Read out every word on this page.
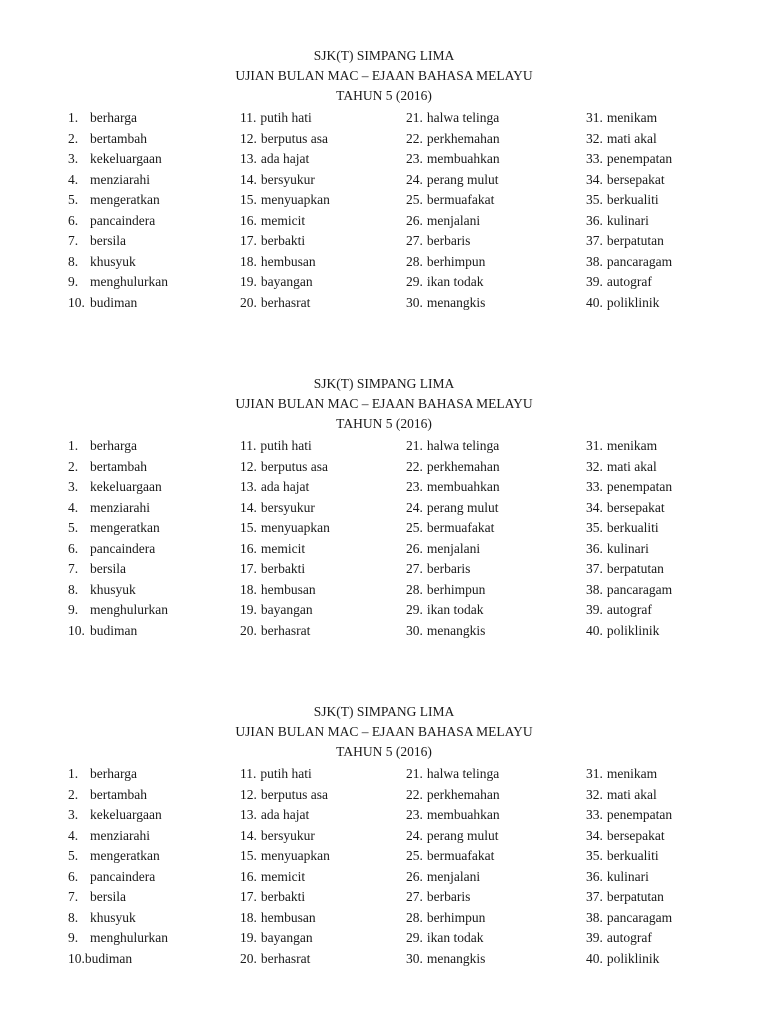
SJK(T) SIMPANG LIMA
UJIAN BULAN MAC – EJAAN BAHASA MELAYU
TAHUN 5 (2016)
1. berharga
2. bertambah
3. kekeluargaan
4. menziarahi
5. mengeratkan
6. pancaindera
7. bersila
8. khusyuk
9. menghulurkan
10. budiman
11. putih hati
12. berputus asa
13. ada hajat
14. bersyukur
15. menyuapkan
16. memicit
17. berbakti
18. hembusan
19. bayangan
20. berhasrat
21. halwa telinga
22. perkhemahan
23. membuahkan
24. perang mulut
25. bermuafakat
26. menjalani
27. berbaris
28. berhimpun
29. ikan todak
30. menangkis
31. menikam
32. mati akal
33. penempatan
34. bersepakat
35. berkualiti
36. kulinari
37. berpatutan
38. pancaragam
39. autograf
40. poliklinik
SJK(T) SIMPANG LIMA
UJIAN BULAN MAC – EJAAN BAHASA MELAYU
TAHUN 5 (2016)
1. berharga
2. bertambah
3. kekeluargaan
4. menziarahi
5. mengeratkan
6. pancaindera
7. bersila
8. khusyuk
9. menghulurkan
10. budiman
11. putih hati
12. berputus asa
13. ada hajat
14. bersyukur
15. menyuapkan
16. memicit
17. berbakti
18. hembusan
19. bayangan
20. berhasrat
21. halwa telinga
22. perkhemahan
23. membuahkan
24. perang mulut
25. bermuafakat
26. menjalani
27. berbaris
28. berhimpun
29. ikan todak
30. menangkis
31. menikam
32. mati akal
33. penempatan
34. bersepakat
35. berkualiti
36. kulinari
37. berpatutan
38. pancaragam
39. autograf
40. poliklinik
SJK(T) SIMPANG LIMA
UJIAN BULAN MAC – EJAAN BAHASA MELAYU
TAHUN 5 (2016)
1. berharga
2. bertambah
3. kekeluargaan
4. menziarahi
5. mengeratkan
6. pancaindera
7. bersila
8. khusyuk
9. menghulurkan
10.budiman
11. putih hati
12. berputus asa
13. ada hajat
14. bersyukur
15. menyuapkan
16. memicit
17. berbakti
18. hembusan
19. bayangan
20. berhasrat
21. halwa telinga
22. perkhemahan
23. membuahkan
24. perang mulut
25. bermuafakat
26. menjalani
27. berbaris
28. berhimpun
29. ikan todak
30. menangkis
31. menikam
32. mati akal
33. penempatan
34. bersepakat
35. berkualiti
36. kulinari
37. berpatutan
38. pancaragam
39. autograf
40. poliklinik
